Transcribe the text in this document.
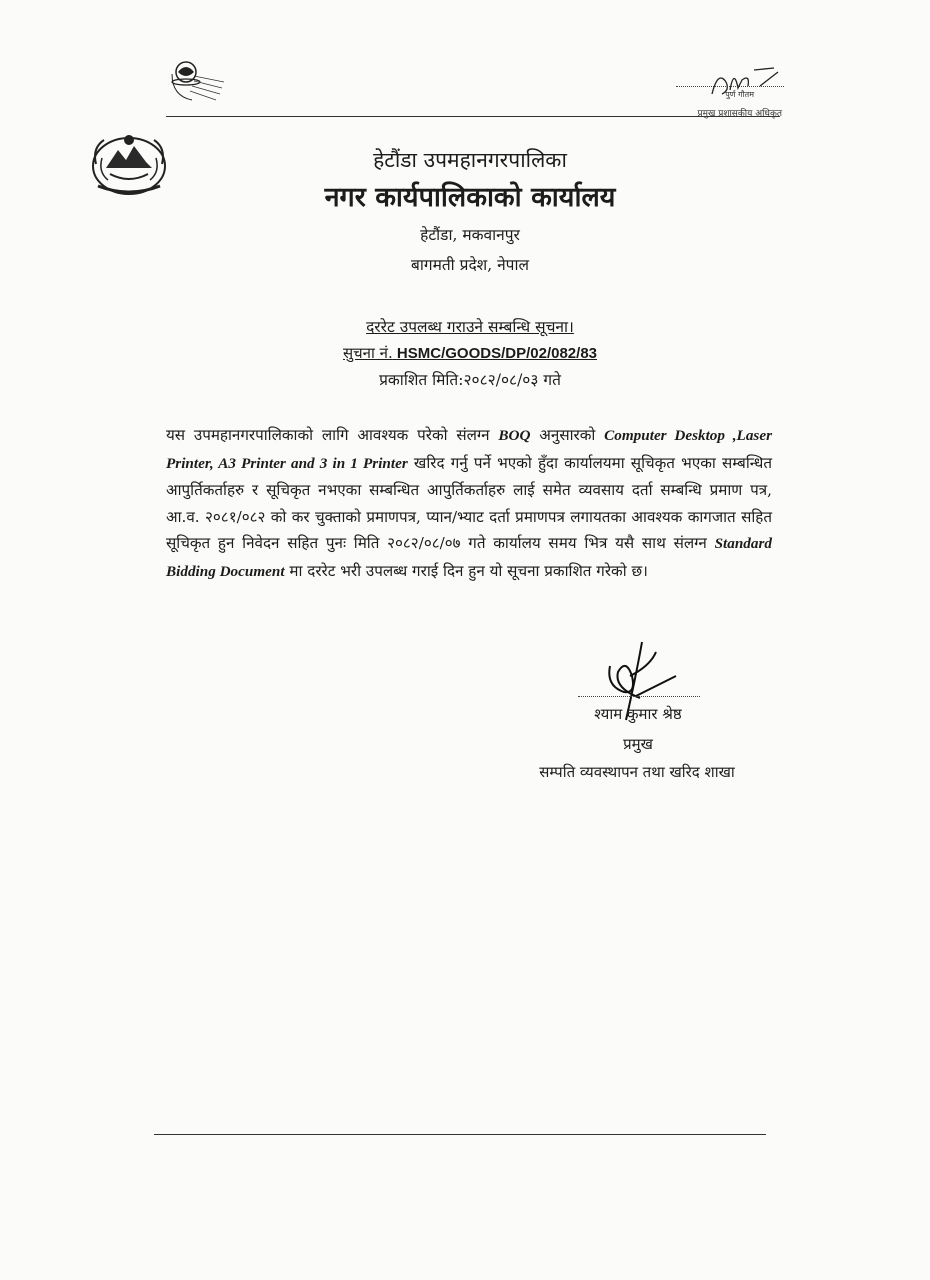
पुर्ण गौतम
प्रमुख प्रशासकीय अधिकृत
हेटौंडा उपमहानगरपालिका
नगर कार्यपालिकाको कार्यालय
हेटौंडा, मकवानपुर
बागमती प्रदेश, नेपाल
दररेट उपलब्ध गराउने सम्बन्धि सूचना।
सुचना नं. HSMC/GOODS/DP/02/082/83
प्रकाशित मिति:२०८२/०८/०३ गते
यस उपमहानगरपालिकाको लागि आवश्यक परेको संलग्न BOQ अनुसारको Computer Desktop ,Laser Printer, A3 Printer and 3 in 1 Printer खरिद गर्नु पर्ने भएको हुँदा कार्यालयमा सूचिकृत भएका सम्बन्धित आपुर्तिकर्ताहरु र सूचिकृत नभएका सम्बन्धित आपुर्तिकर्ताहरु लाई समेत व्यवसाय दर्ता सम्बन्धि प्रमाण पत्र, आ.व. २०८१/०८२ को कर चुक्ताको प्रमाणपत्र, प्यान/भ्याट दर्ता प्रमाणपत्र लगायतका आवश्यक कागजात सहित सूचिकृत हुन निवेदन सहित पुनः मिति २०८२/०८/०७ गते कार्यालय समय भित्र यसै साथ संलग्न Standard Bidding Document मा दररेट भरी उपलब्ध गराई दिन हुन यो सूचना प्रकाशित गरेको छ।
श्याम कुमार श्रेष्ठ
प्रमुख
सम्पति व्यवस्थापन तथा खरिद शाखा
